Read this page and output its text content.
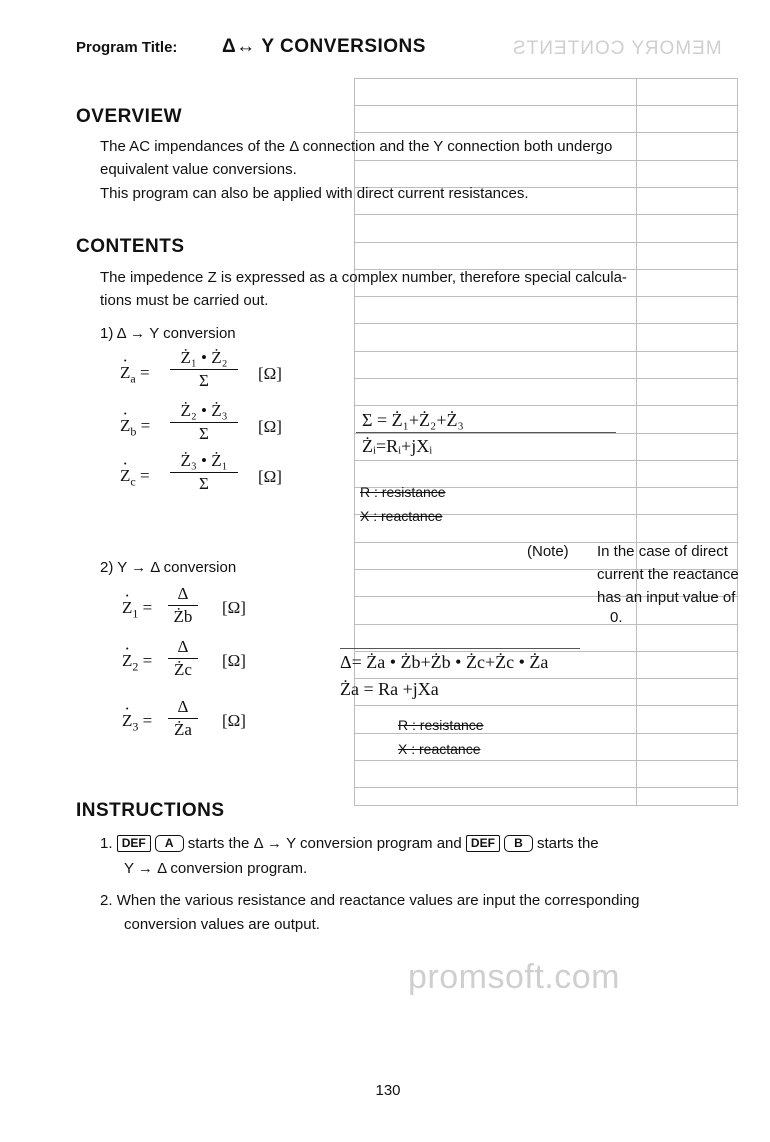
MEMORY CONTENTS
Program Title: Δ↔ Y CONVERSIONS
OVERVIEW
The AC impendances of the Δ connection and the Y connection both undergo
equivalent value conversions.
This program can also be applied with direct current resistances.
CONTENTS
The impedence Z is expressed as a complex number, therefore special calcula-
tions must be carried out.
1) Δ → Y conversion
· $Z_a$ =
Ż₁ • Ż₂
Σ	[Ω]
· $Z_b$ =
Ż₂ • Ż₃
Σ	[Ω]
· $Z_c$ =
Ż₃ • Ż₁
Σ	[Ω]
Σ = Ż₁+Ż₂+Ż₃
Żᵢ=Rᵢ+jXᵢ
R : resistance
X : reactance
(Note) In the case of direct
current the reactance
has an input value of
0.
2) Y → Δ conversion
· $Z_1$ =
Δ
Żb	[Ω]
· $Z_2$ =
Δ
Żc	[Ω]
· $Z_3$ =
Δ
Ża	[Ω]
Δ= Ża • Żb+Żb • Żc+Żc • Ża
Ża = Ra +jXa
R : resistance
X : reactance
INSTRUCTIONS
1. DEF A starts the Δ → Y conversion program and DEF B starts the
Y → Δ conversion program.
2. When the various resistance and reactance values are input the corresponding
conversion values are output.
promsoft.com
130
